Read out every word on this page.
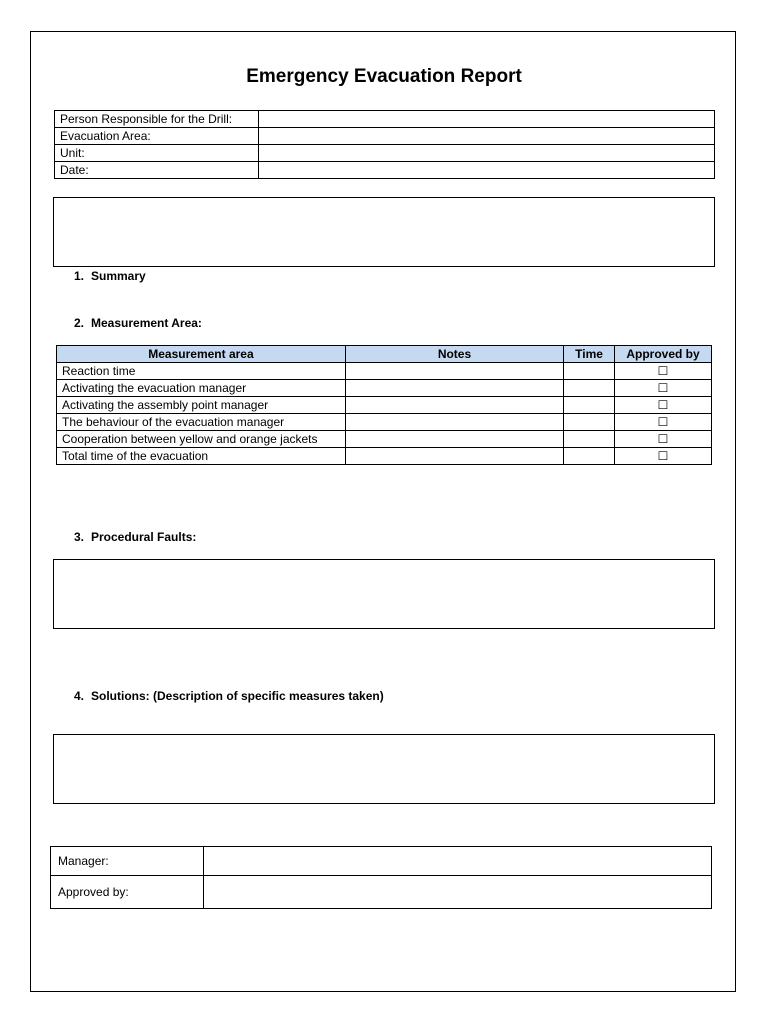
Emergency Evacuation Report
Person Responsible for the Drill:	
Evacuation Area:	
Unit:	
Date:	
1. Summary
2. Measurement Area:
Measurement area	Notes	Time	Approved by
Reaction time			☐
Activating the evacuation manager			☐
Activating the assembly point manager			☐
The behaviour of the evacuation manager			☐
Cooperation between yellow and orange jackets			☐
Total time of the evacuation			☐
3. Procedural Faults:
4. Solutions: (Description of specific measures taken)
Manager:	
Approved by:	
